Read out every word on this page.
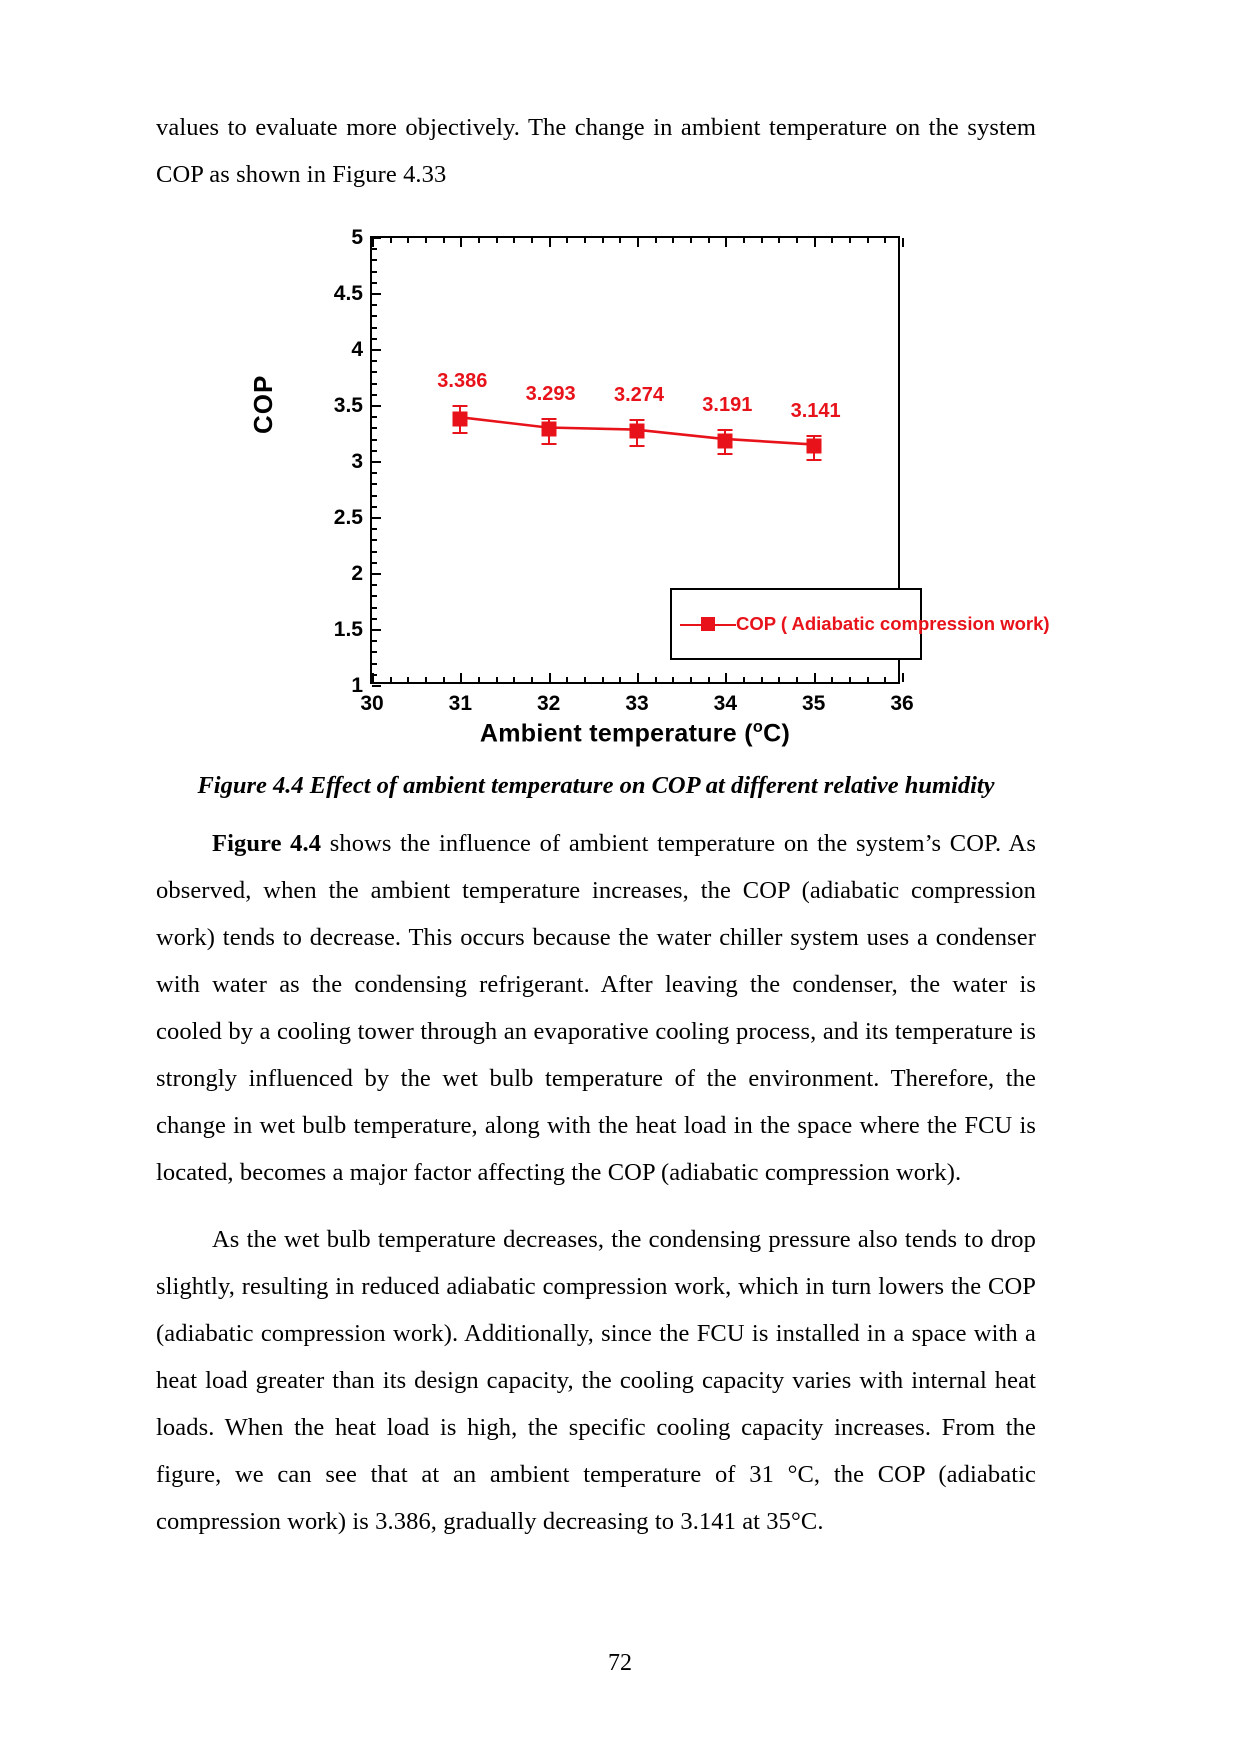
values to evaluate more objectively. The change in ambient temperature on the system COP as shown in Figure 4.33

COP
1
1.5
2
2.5
3
3.5
4
4.5
5
30	31	32	33	34	35	36
3.386
3.293 3.274 3.191 3.141
COP ( Adiabatic compression work)
Ambient temperature ($^o$C)
Figure 4.4 Effect of ambient temperature on COP at different relative humidity

Figure 4.4 shows the influence of ambient temperature on the system’s COP. As observed, when the ambient temperature increases, the COP (adiabatic compression work) tends to decrease. This occurs because the water chiller system uses a condenser with water as the condensing refrigerant. After leaving the condenser, the water is cooled by a cooling tower through an evaporative cooling process, and its temperature is strongly influenced by the wet bulb temperature of the environment. Therefore, the change in wet bulb temperature, along with the heat load in the space where the FCU is located, becomes a major factor affecting the COP (adiabatic compression work).

As the wet bulb temperature decreases, the condensing pressure also tends to drop slightly, resulting in reduced adiabatic compression work, which in turn lowers the COP (adiabatic compression work). Additionally, since the FCU is installed in a space with a heat load greater than its design capacity, the cooling capacity varies with internal heat loads. When the heat load is high, the specific cooling capacity increases. From the figure, we can see that at an ambient temperature of 31 °C, the COP (adiabatic compression work) is 3.386, gradually decreasing to 3.141 at 35°C.

72
